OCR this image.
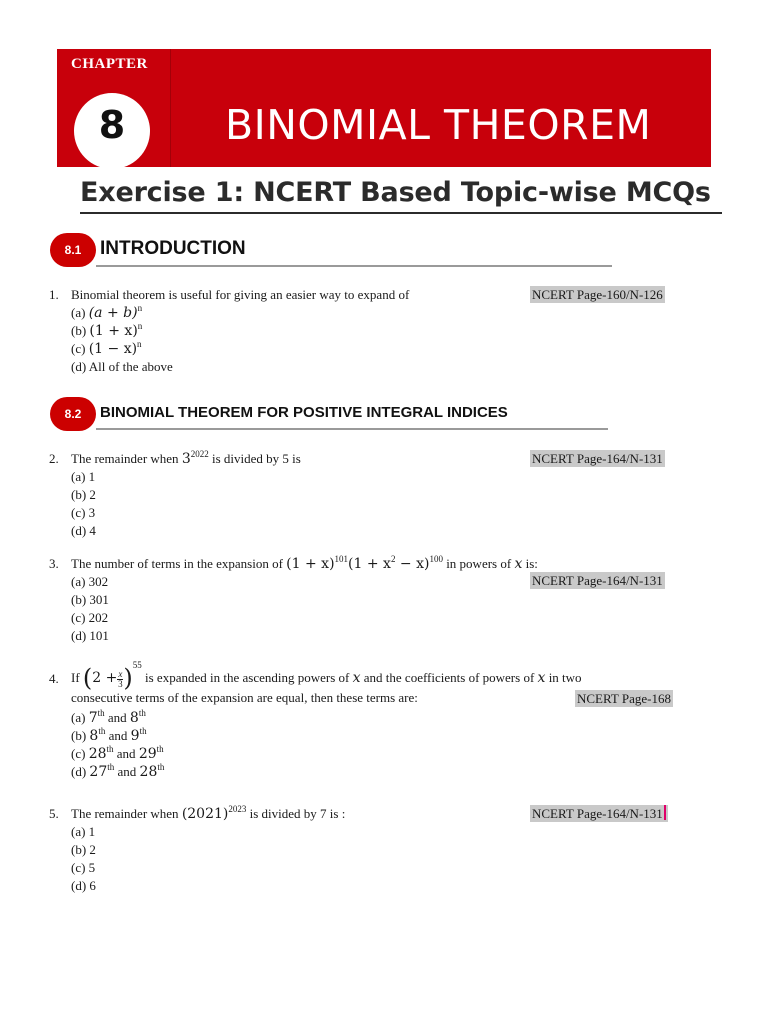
CHAPTER
8 BINOMIAL THEOREM
Exercise 1: NCERT Based Topic-wise MCQs
8.1 INTRODUCTION
1. Binomial theorem is useful for giving an easier way to expand of
(a) $(a + b)^n$
(b) $(1 + x)^n$
(c) $(1 - x)^n$
(d) All of the above
NCERT Page-160/N-126
8.2	BINOMIAL THEOREM FOR POSITIVE INTEGRAL INDICES
2. The remainder when $3^{2022}$ is divided by 5 is
(a) 1
(b) 2
(c) 3
(d) 4
NCERT Page-164/N-131
3. The number of terms in the expansion of $(1 + x)^{101}(1 + x^2 - x)^{100}$ in powers of x is:
(a) 302
(b) 301
(c) 202
(d) 101
NCERT Page-164/N-131
4. If $(2 + \frac{x}{3} )^{55}$ is expanded in the ascending powers of x and the coefficients of powers of x in two
consecutive terms of the expansion are equal, then these terms are:
(a) 7th and 8th
(b) 8th and 9th
(c) 28th and 29th
(d) 27th and 28th
NCERT Page-168
5. The remainder when $(2021)^{2023}$ is divided by 7 is :
(a) 1
(b) 2
(c) 5
(d) 6
NCERT Page-164/N-131
